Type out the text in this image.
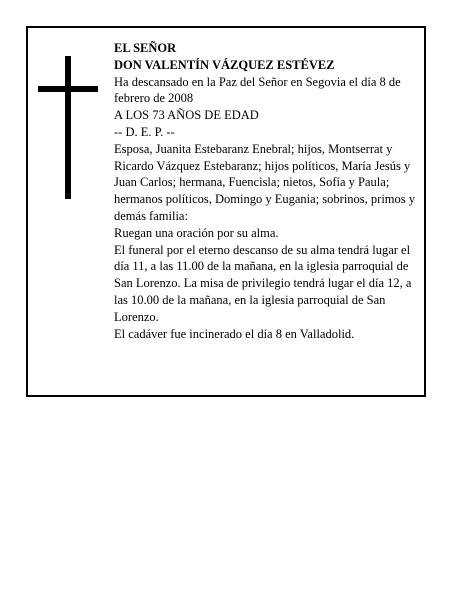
EL SEÑOR

DON VALENTÍN VÁZQUEZ ESTÉVEZ

Ha descansado en la Paz del Señor en Segovia el día 8 de febrero de 2008

A LOS 73 AÑOS DE EDAD

-- D. E. P. --

Esposa, Juanita Estebaranz Enebral; hijos, Montserrat y Ricardo Vázquez Estebaranz; hijos políticos, María Jesús y Juan Carlos; hermana, Fuencisla; nietos, Sofía y Paula; hermanos políticos, Domingo y Eugania; sobrinos, primos y demás familia:

Ruegan una oración por su alma.

El funeral por el eterno descanso de su alma tendrá lugar el día 11, a las 11.00 de la mañana, en la iglesia parroquial de San Lorenzo. La misa de privilegio tendrá lugar el día 12, a las 10.00 de la mañana, en la iglesia parroquial de San Lorenzo.

El cadáver fue incinerado el día 8 en Valladolid.
